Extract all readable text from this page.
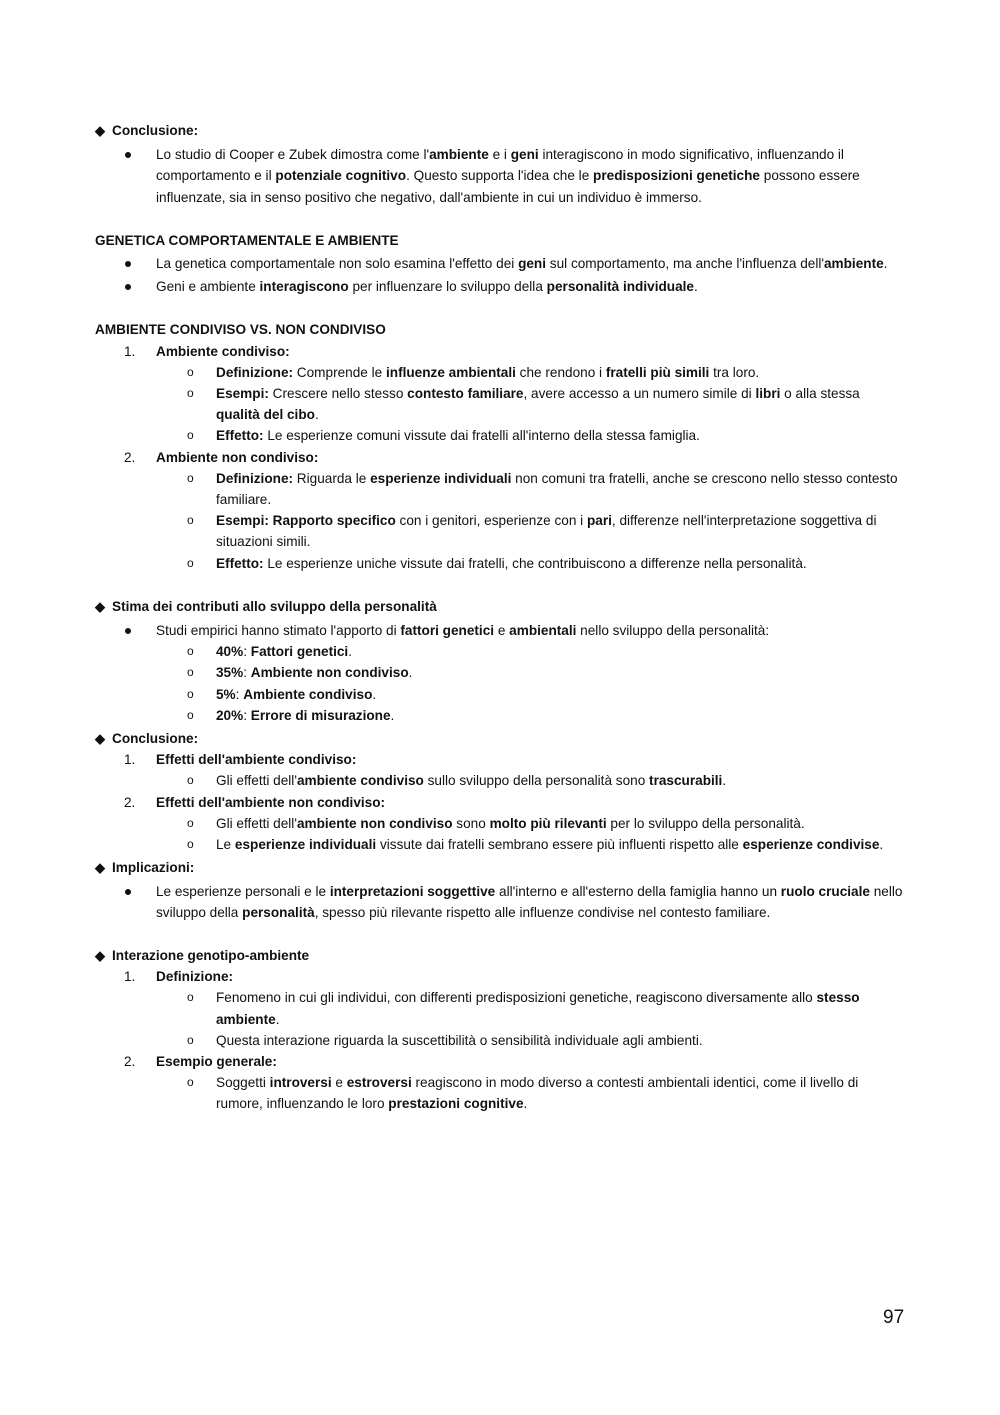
◆ Conclusione:
Lo studio di Cooper e Zubek dimostra come l'ambiente e i geni interagiscono in modo significativo, influenzando il comportamento e il potenziale cognitivo. Questo supporta l'idea che le predisposizioni genetiche possono essere influenzate, sia in senso positivo che negativo, dall'ambiente in cui un individuo è immerso.
GENETICA COMPORTAMENTALE E AMBIENTE
La genetica comportamentale non solo esamina l'effetto dei geni sul comportamento, ma anche l'influenza dell'ambiente.
Geni e ambiente interagiscono per influenzare lo sviluppo della personalità individuale.
AMBIENTE CONDIVISO VS. NON CONDIVISO
1. Ambiente condiviso:
o Definizione: Comprende le influenze ambientali che rendono i fratelli più simili tra loro.
o Esempi: Crescere nello stesso contesto familiare, avere accesso a un numero simile di libri o alla stessa qualità del cibo.
o Effetto: Le esperienze comuni vissute dai fratelli all'interno della stessa famiglia.
2. Ambiente non condiviso:
o Definizione: Riguarda le esperienze individuali non comuni tra fratelli, anche se crescono nello stesso contesto familiare.
o Esempi: Rapporto specifico con i genitori, esperienze con i pari, differenze nell'interpretazione soggettiva di situazioni simili.
o Effetto: Le esperienze uniche vissute dai fratelli, che contribuiscono a differenze nella personalità.
◆ Stima dei contributi allo sviluppo della personalità
Studi empirici hanno stimato l'apporto di fattori genetici e ambientali nello sviluppo della personalità:
o 40%: Fattori genetici.
o 35%: Ambiente non condiviso.
o 5%: Ambiente condiviso.
o 20%: Errore di misurazione.
◆ Conclusione:
1. Effetti dell'ambiente condiviso:
o Gli effetti dell'ambiente condiviso sullo sviluppo della personalità sono trascurabili.
2. Effetti dell'ambiente non condiviso:
o Gli effetti dell'ambiente non condiviso sono molto più rilevanti per lo sviluppo della personalità.
o Le esperienze individuali vissute dai fratelli sembrano essere più influenti rispetto alle esperienze condivise.
◆ Implicazioni:
Le esperienze personali e le interpretazioni soggettive all'interno e all'esterno della famiglia hanno un ruolo cruciale nello sviluppo della personalità, spesso più rilevante rispetto alle influenze condivise nel contesto familiare.
◆ Interazione genotipo-ambiente
1. Definizione:
o Fenomeno in cui gli individui, con differenti predisposizioni genetiche, reagiscono diversamente allo stesso ambiente.
o Questa interazione riguarda la suscettibilità o sensibilità individuale agli ambienti.
2. Esempio generale:
o Soggetti introversi e estroversi reagiscono in modo diverso a contesti ambientali identici, come il livello di rumore, influenzando le loro prestazioni cognitive.
97
